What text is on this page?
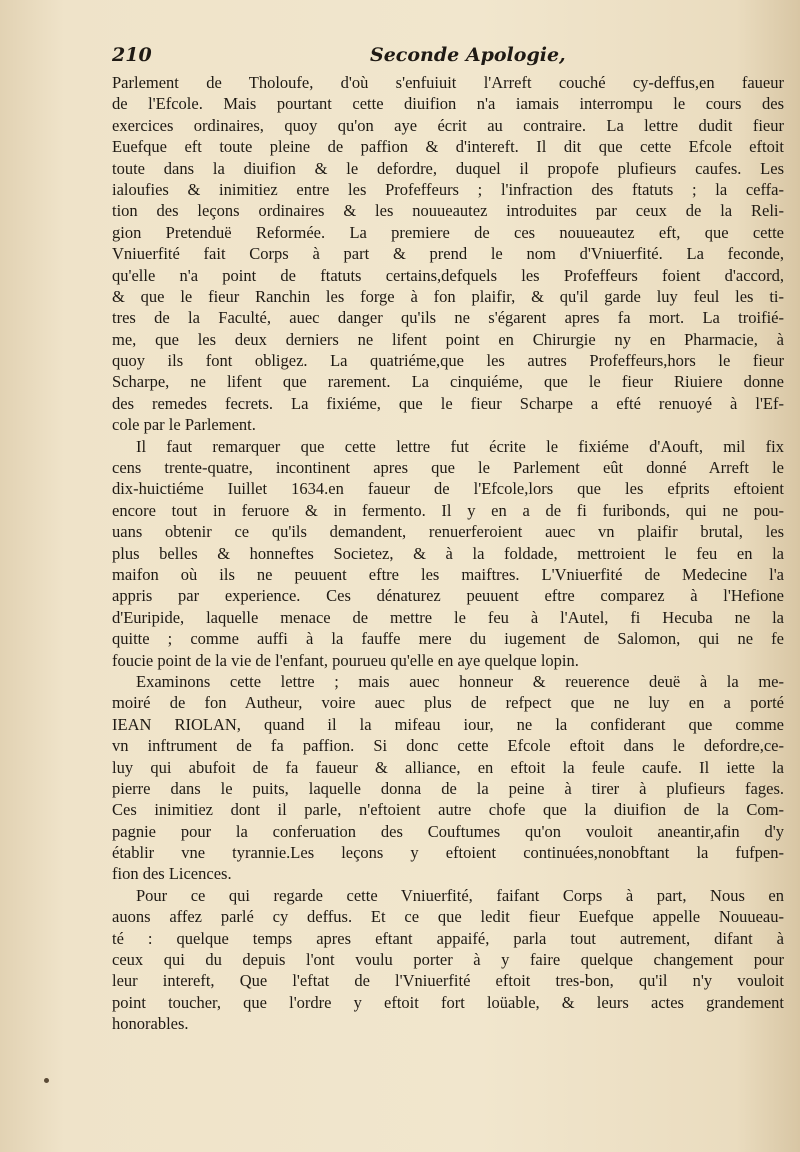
210	Seconde Apologie,
Parlement de Tholoufe, d'où s'enfuiuit l'Arreft couché cy-deffus,en faueur
de l'Efcole. Mais pourtant cette diuifion n'a iamais interrompu le cours des
exercices ordinaires, quoy qu'on aye écrit au contraire. La lettre dudit fieur
Euefque eft toute pleine de paffion & d'intereft. Il dit que cette Efcole eftoit
toute dans la diuifion & le defordre, duquel il propofe plufieurs caufes. Les
ialoufies & inimitiez entre les Profeffeurs ; l'infraction des ftatuts ; la ceffa-
tion des leçons ordinaires & les nouueautez introduites par ceux de la Reli-
gion Pretenduë Reformée. La premiere de ces nouueautez eft, que cette
Vniuerfité fait Corps à part & prend le nom d'Vniuerfité. La feconde,
qu'elle n'a point de ftatuts certains,defquels les Profeffeurs foient d'accord,
& que le fieur Ranchin les forge à fon plaifir, & qu'il garde luy feul les ti-
tres de la Faculté, auec danger qu'ils ne s'égarent apres fa mort. La troifié-
me, que les deux derniers ne lifent point en Chirurgie ny en Pharmacie, à
quoy ils font obligez. La quatriéme,que les autres Profeffeurs,hors le fieur
Scharpe, ne lifent que rarement. La cinquiéme, que le fieur Riuiere donne
des remedes fecrets. La fixiéme, que le fieur Scharpe a efté renuoyé à l'Ef-
cole par le Parlement.
Il faut remarquer que cette lettre fut écrite le fixiéme d'Aouft, mil fix
cens trente-quatre, incontinent apres que le Parlement eût donné Arreft le
dix-huictiéme Iuillet 1634.en faueur de l'Efcole,lors que les efprits eftoient
encore tout in feruore & in fermento. Il y en a de fi furibonds, qui ne pou-
uans obtenir ce qu'ils demandent, renuerferoient auec vn plaifir brutal, les
plus belles & honneftes Societez, & à la foldade, mettroient le feu en la
maifon où ils ne peuuent eftre les maiftres. L'Vniuerfité de Medecine l'a
appris par experience. Ces dénaturez peuuent eftre comparez à l'Hefione
d'Euripide, laquelle menace de mettre le feu à l'Autel, fi Hecuba ne la
quitte ; comme auffi à la fauffe mere du iugement de Salomon, qui ne fe
foucie point de la vie de l'enfant, pourueu qu'elle en aye quelque lopin.
Examinons cette lettre ; mais auec honneur & reuerence deuë à la me-
moiré de fon Autheur, voire auec plus de refpect que ne luy en a porté
IEAN RIOLAN, quand il la mifeau iour, ne la confiderant que comme
vn inftrument de fa paffion. Si donc cette Efcole eftoit dans le defordre,ce-
luy qui abufoit de fa faueur & alliance, en eftoit la feule caufe. Il iette la
pierre dans le puits, laquelle donna de la peine à tirer à plufieurs fages.
Ces inimitiez dont il parle, n'eftoient autre chofe que la diuifion de la Com-
pagnie pour la conferuation des Couftumes qu'on vouloit aneantir,afin d'y
établir vne tyrannie.Les leçons y eftoient continuées,nonobftant la fufpen-
fion des Licences.
Pour ce qui regarde cette Vniuerfité, faifant Corps à part, Nous en
auons affez parlé cy deffus. Et ce que ledit fieur Euefque appelle Nouueau-
té : quelque temps apres eftant appaifé, parla tout autrement, difant à
ceux qui du depuis l'ont voulu porter à y faire quelque changement pour
leur intereft, Que l'eftat de l'Vniuerfité eftoit tres-bon, qu'il n'y vouloit
point toucher, que l'ordre y eftoit fort loüable, & leurs actes grandement
honorables.
